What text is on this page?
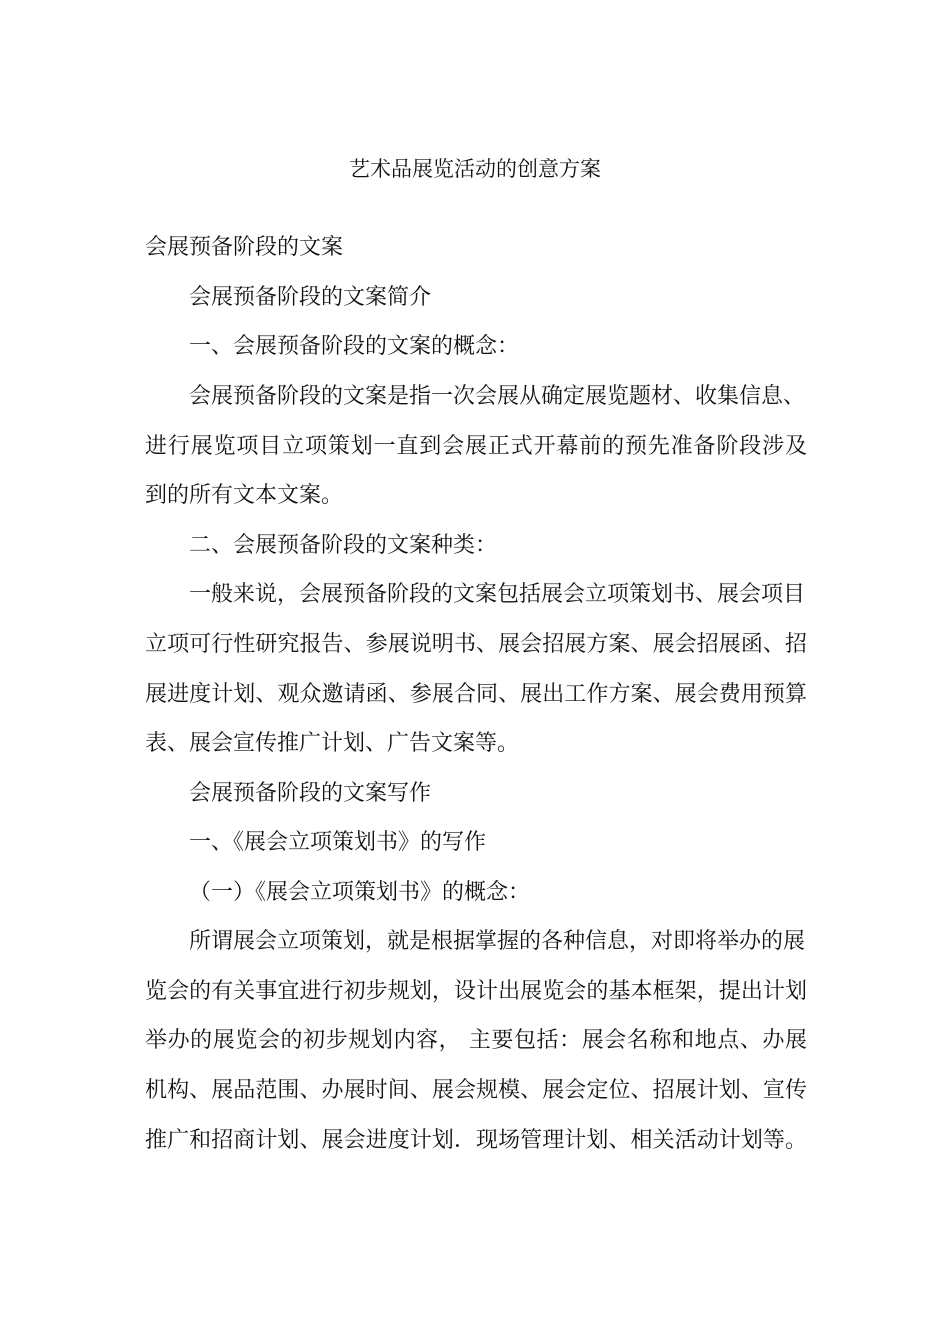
艺术品展览活动的创意方案
会展预备阶段的文案
会展预备阶段的文案简介
一、会展预备阶段的文案的概念：
会展预备阶段的文案是指一次会展从确定展览题材、收集信息、
进行展览项目立项策划一直到会展正式开幕前的预先准备阶段涉及
到的所有文本文案。
二、会展预备阶段的文案种类：
一般来说，会展预备阶段的文案包括展会立项策划书、展会项目
立项可行性研究报告、参展说明书、展会招展方案、展会招展函、招
展进度计划、观众邀请函、参展合同、展出工作方案、展会费用预算
表、展会宣传推广计划、广告文案等。
会展预备阶段的文案写作
一、《展会立项策划书》的写作
（一）《展会立项策划书》的概念：
所谓展会立项策划，就是根据掌握的各种信息，对即将举办的展
览会的有关事宜进行初步规划，设计出展览会的基本框架，提出计划
举办的展览会的初步规划内容， 主要包括：展会名称和地点、办展
机构、展品范围、办展时间、展会规模、展会定位、招展计划、宣传
推广和招商计划、展会进度计划．现场管理计划、相关活动计划等。
